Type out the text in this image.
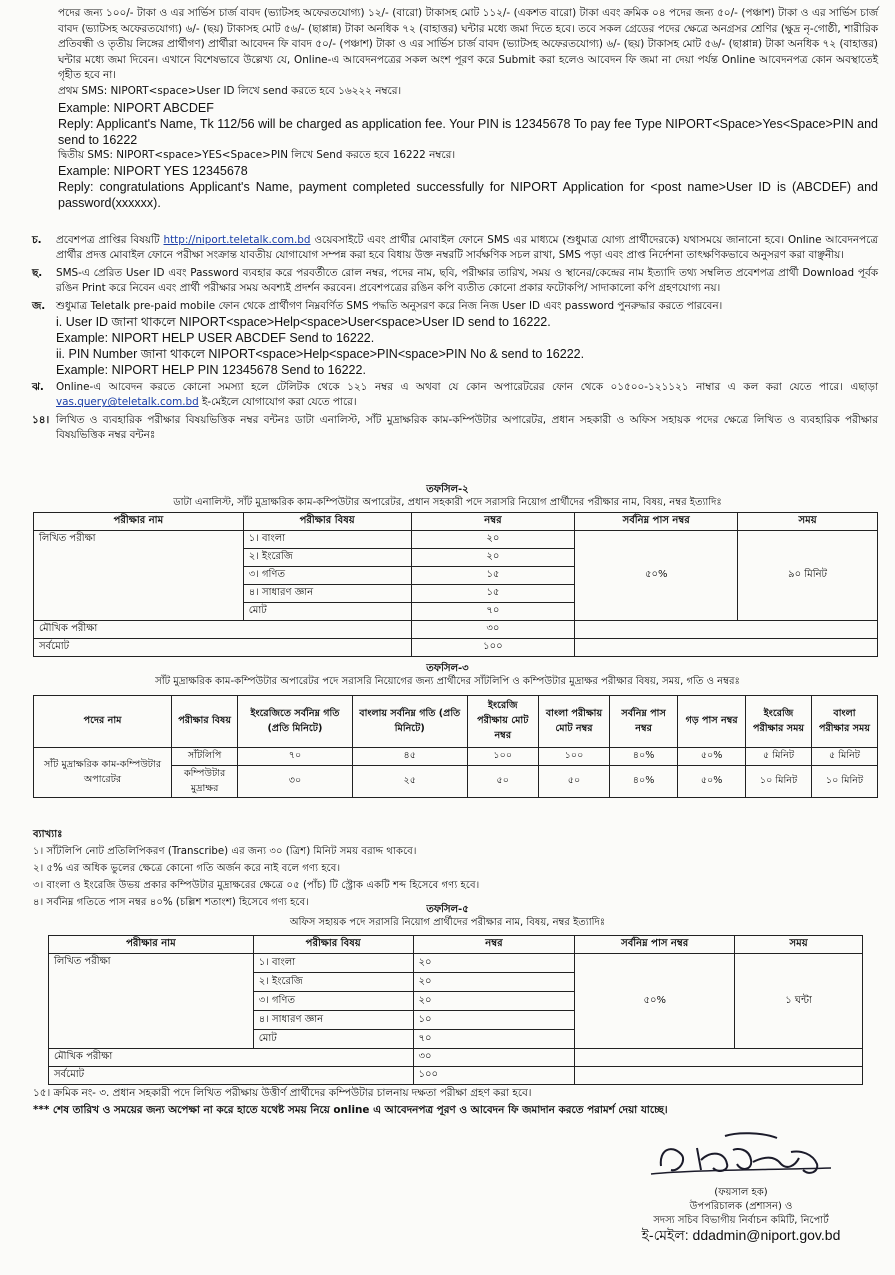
পদের জন্য ১০০/- টাকা ও এর সার্ভিস চার্জ বাবদ (ভ্যাটসহ অফেরতযোগ্য) ১২/- (বারো) টাকাসহ মোট ১১২/- (একশত বারো) টাকা এবং ক্রমিক ০৪ পদের জন্য ৫০/- (পঞ্চাশ) টাকা ও এর সার্ভিস চার্জ বাবদ (ভ্যাটসহ অফেরতযোগ্য) ৬/- (ছয়) টাকাসহ মোট ৫৬/- (ছাপ্পান্ন) টাকা অনধিক ৭২ (বাহাত্তর) ঘন্টার মধ্যে জমা দিতে হবে। তবে সকল গ্রেডের পদের ক্ষেত্রে অনগ্রসর শ্রেণির (ক্ষুদ্র নৃ-গোষ্ঠী, শারীরিক প্রতিবন্ধী ও তৃতীয় লিঙ্গের প্রার্থীগণ) প্রার্থীরা আবেদন ফি বাবদ ৫০/- (পঞ্চাশ) টাকা ও এর সার্ভিস চার্জ বাবদ (ভ্যাটসহ অফেরতযোগ্য) ৬/- (ছয়) টাকাসহ মোট ৫৬/- (ছাপ্পান্ন) টাকা অনধিক ৭২ (বাহাত্তর) ঘন্টার মধ্যে জমা দিবেন। এখানে বিশেষভাবে উল্লেখ্য যে, Online-এ আবেদনপত্রের সকল অংশ পূরণ করে Submit করা হলেও আবেদন ফি জমা না দেয়া পর্যন্ত Online আবেদনপত্র কোন অবস্থাতেই গৃহীত হবে না।

প্রথম SMS: NIPORT<space>User ID লিখে send করতে হবে ১৬২২২ নম্বরে।

Example: NIPORT ABCDEF

Reply: Applicant's Name, Tk 112/56 will be charged as application fee. Your PIN is 12345678 To pay fee Type NIPORT<Space>Yes<Space>PIN and send to 16222

দ্বিতীয় SMS: NIPORT<space>YES<Space>PIN লিখে Send করতে হবে 16222 নম্বরে।

Example: NIPORT YES 12345678

Reply: congratulations Applicant's Name, payment completed successfully for NIPORT Application for <post name>User ID is (ABCDEF) and password(xxxxxx).

চ.	প্রবেশপত্র প্রাপ্তির বিষয়টি http://niport.teletalk.com.bd ওয়েবসাইটে এবং প্রার্থীর মোবাইল ফোনে SMS এর মাধ্যমে (শুধুমাত্র যোগ্য প্রার্থীদেরকে) যথাসময়ে জানানো হবে। Online আবেদনপত্রে প্রার্থীর প্রদত্ত মোবাইল ফোনে পরীক্ষা সংক্রান্ত যাবতীয় যোগাযোগ সম্পন্ন করা হবে বিধায় উক্ত নম্বরটি সার্বক্ষণিক সচল রাখা, SMS পড়া এবং প্রাপ্ত নির্দেশনা তাৎক্ষণিকভাবে অনুসরণ করা বাঞ্ছনীয়।
ছ.	SMS-এ প্রেরিত User ID এবং Password ব্যবহার করে পরবর্তীতে রোল নম্বর, পদের নাম, ছবি, পরীক্ষার তারিখ, সময় ও স্থানের/কেন্দ্রের নাম ইত্যাদি তথ্য সম্বলিত প্রবেশপত্র প্রার্থী Download পূর্বক রঙিন Print করে নিবেন এবং প্রার্থী পরীক্ষার সময় অবশ্যই প্রদর্শন করবেন। প্রবেশপত্রের রঙিন কপি ব্যতীত কোনো প্রকার ফটোকপি/ সাদাকালো কপি গ্রহণযোগ্য নয়।
জ.	শুধুমাত্র Teletalk pre-paid mobile ফোন থেকে প্রার্থীগণ নিম্নবর্ণিত SMS পদ্ধতি অনুসরণ করে নিজ নিজ User ID এবং password পুনরুদ্ধার করতে পারবেন।

i. User ID জানা থাকলে NIPORT<space>Help<space>User<space>User ID send to 16222.

Example: NIPORT HELP USER ABCDEF Send to 16222.

ii. PIN Number জানা থাকলে NIPORT<space>Help<space>PIN<space>PIN No & send to 16222.

Example: NIPORT HELP PIN 12345678 Send to 16222.

ঝ.	Online-এ আবেদন করতে কোনো সমস্যা হলে টেলিটক থেকে ১২১ নম্বর এ অথবা যে কোন অপারেটরের ফোন থেকে ০১৫০০-১২১১২১ নাম্বার এ কল করা যেতে পারে। এছাড়া vas.query@teletalk.com.bd ই-মেইলে যোগাযোগ করা যেতে পারে।
১৪। লিখিত ও ব্যবহারিক পরীক্ষার বিষয়ভিত্তিক নম্বর বন্টনঃ ডাটা এনালিস্ট, সাঁট মুদ্রাক্ষরিক কাম-কম্পিউটার অপারেটর, প্রধান সহকারী ও অফিস সহায়ক পদের ক্ষেত্রে লিখিত ও ব্যবহারিক পরীক্ষার বিষয়ভিত্তিক নম্বর বন্টনঃ
তফসিল-২
ডাটা এনালিস্ট, সাঁট মুদ্রাক্ষরিক কাম-কম্পিউটার অপারেটর, প্রধান সহকারী পদে সরাসরি নিয়োগ প্রার্থীদের পরীক্ষার নাম, বিষয়, নম্বর ইত্যাদিঃ
পরীক্ষার নাম	পরীক্ষার বিষয়	নম্বর	সর্বনিম্ন পাস নম্বর	সময়
লিখিত পরীক্ষা	১। বাংলা	২০	৫০%	৯০ মিনিট
	২। ইংরেজি	২০		
	৩। গণিত	১৫		
	৪। সাধারণ জ্ঞান	১৫		
	মোট	৭০		
মৌখিক পরীক্ষা		৩০		
সর্বমোট		১০০		
তফসিল-৩
সাঁট মুদ্রাক্ষরিক কাম-কম্পিউটার অপারেটর পদে সরাসরি নিয়োগের জন্য প্রার্থীদের সাঁটলিপি ও কম্পিউটার মুদ্রাক্ষর পরীক্ষার বিষয়, সময়, গতি ও নম্বরঃ
পদের নাম	পরীক্ষার বিষয়	ইংরেজিতে সর্বনিম্ন গতি (প্রতি মিনিটে)	বাংলায় সর্বনিম্ন গতি (প্রতি মিনিটে)	ইংরেজি পরীক্ষায় মোট নম্বর	বাংলা পরীক্ষায় মোট নম্বর	সর্বনিম্ন পাস নম্বর	গড় পাস নম্বর	ইংরেজি পরীক্ষার সময়	বাংলা পরীক্ষার সময়
সাঁট মুদ্রাক্ষরিক কাম-কম্পিউটার অপারেটর	সাঁটলিপি	৭০	৪৫	১০০	১০০	৪০%	৫০%	৫ মিনিট	৫ মিনিট
	কম্পিউটার মুদ্রাক্ষর	৩০	২৫	৫০	৫০	৪০%	৫০%	১০ মিনিট	১০ মিনিট
ব্যাখ্যাঃ
১। সাঁটলিপি নোট প্রতিলিপিকরণ (Transcribe) এর জন্য ৩০ (ত্রিশ) মিনিট সময় বরাদ্দ থাকবে।
২। ৫% এর অধিক ভুলের ক্ষেত্রে কোনো গতি অর্জন করে নাই বলে গণ্য হবে।
৩। বাংলা ও ইংরেজি উভয় প্রকার কম্পিউটার মুদ্রাক্ষরের ক্ষেত্রে ০৫ (পাঁচ) টি স্ট্রোক একটি শব্দ হিসেবে গণ্য হবে।
৪। সর্বনিম্ন গতিতে পাস নম্বর ৪০% (চল্লিশ শতাংশ) হিসেবে গণ্য হবে।
তফসিল-৫
অফিস সহায়ক পদে সরাসরি নিয়োগ প্রার্থীদের পরীক্ষার নাম, বিষয়, নম্বর ইত্যাদিঃ
পরীক্ষার নাম	পরীক্ষার বিষয়	নম্বর	সর্বনিম্ন পাস নম্বর	সময়
লিখিত পরীক্ষা	১। বাংলা	২০	৫০%	১ ঘন্টা
	২। ইংরেজি	২০		
	৩। গণিত	২০		
	৪। সাধারণ জ্ঞান	১০		
	মোট	৭০		
মৌখিক পরীক্ষা		৩০		
সর্বমোট		১০০		
১৫। ক্রমিক নং- ৩. প্রধান সহকারী পদে লিখিত পরীক্ষায় উত্তীর্ণ প্রার্থীদের কম্পিউটার চালনায় দক্ষতা পরীক্ষা গ্রহণ করা হবে।
*** শেষ তারিখ ও সময়ের জন্য অপেক্ষা না করে হাতে যথেষ্ট সময় নিয়ে online এ আবেদনপত্র পূরণ ও আবেদন ফি জমাদান করতে পরামর্শ দেয়া যাচ্ছে।
(ফয়সাল হক)
উপপরিচালক (প্রশাসন) ও
সদস্য সচিব বিভাগীয় নির্বাচন কমিটি, নিপোর্ট
ই-মেইল: ddadmin@niport.gov.bd
